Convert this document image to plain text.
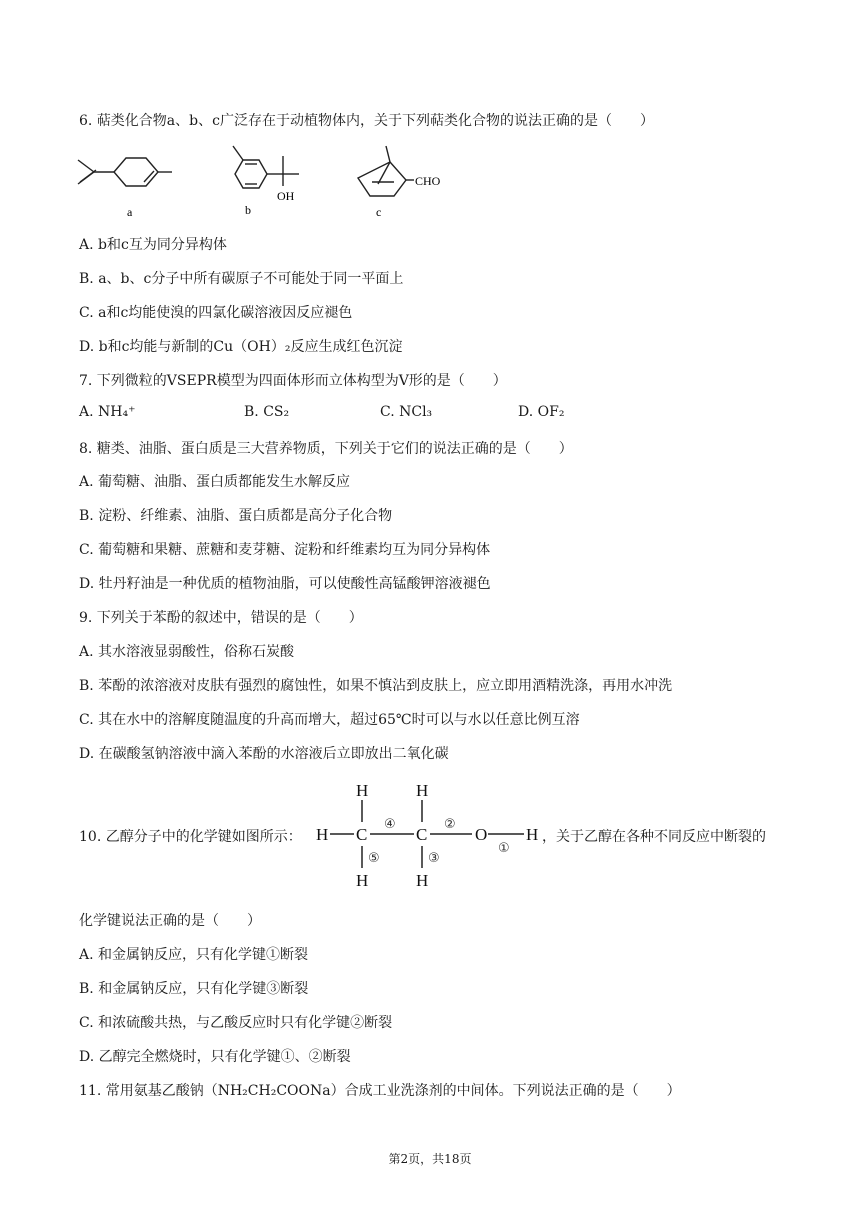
6. 萜类化合物a、b、c广泛存在于动植物体内，关于下列萜类化合物的说法正确的是（　　）
a
OH
b
CHO
c
A. b和c互为同分异构体
B. a、b、c分子中所有碳原子不可能处于同一平面上
C. a和c均能使溴的四氯化碳溶液因反应褪色
D. b和c均能与新制的Cu（OH）₂反应生成红色沉淀
7. 下列微粒的VSEPR模型为四面体形而立体构型为V形的是（　　）
A. NH₄⁺	B. CS₂	C. NCl₃	D. OF₂
8. 糖类、油脂、蛋白质是三大营养物质，下列关于它们的说法正确的是（　　）
A. 葡萄糖、油脂、蛋白质都能发生水解反应
B. 淀粉、纤维素、油脂、蛋白质都是高分子化合物
C. 葡萄糖和果糖、蔗糖和麦芽糖、淀粉和纤维素均互为同分异构体
D. 牡丹籽油是一种优质的植物油脂，可以使酸性高锰酸钾溶液褪色
9. 下列关于苯酚的叙述中，错误的是（　　）
A. 其水溶液显弱酸性，俗称石炭酸
B. 苯酚的浓溶液对皮肤有强烈的腐蚀性，如果不慎沾到皮肤上，应立即用酒精洗涤，再用水冲洗
C. 其在水中的溶解度随温度的升高而增大，超过65℃时可以与水以任意比例互溶
D. 在碳酸氢钠溶液中滴入苯酚的水溶液后立即放出二氧化碳
10. 乙醇分子中的化学键如图所示：
H	H
H C	C	O H
H	H
④	②
①
⑤	③
，关于乙醇在各种不同反应中断裂的
化学键说法正确的是（　　）
A. 和金属钠反应，只有化学键①断裂
B. 和金属钠反应，只有化学键③断裂
C. 和浓硫酸共热，与乙酸反应时只有化学键②断裂
D. 乙醇完全燃烧时，只有化学键①、②断裂
11. 常用氨基乙酸钠（NH₂CH₂COONa）合成工业洗涤剂的中间体。下列说法正确的是（　　）
第2页，共18页
